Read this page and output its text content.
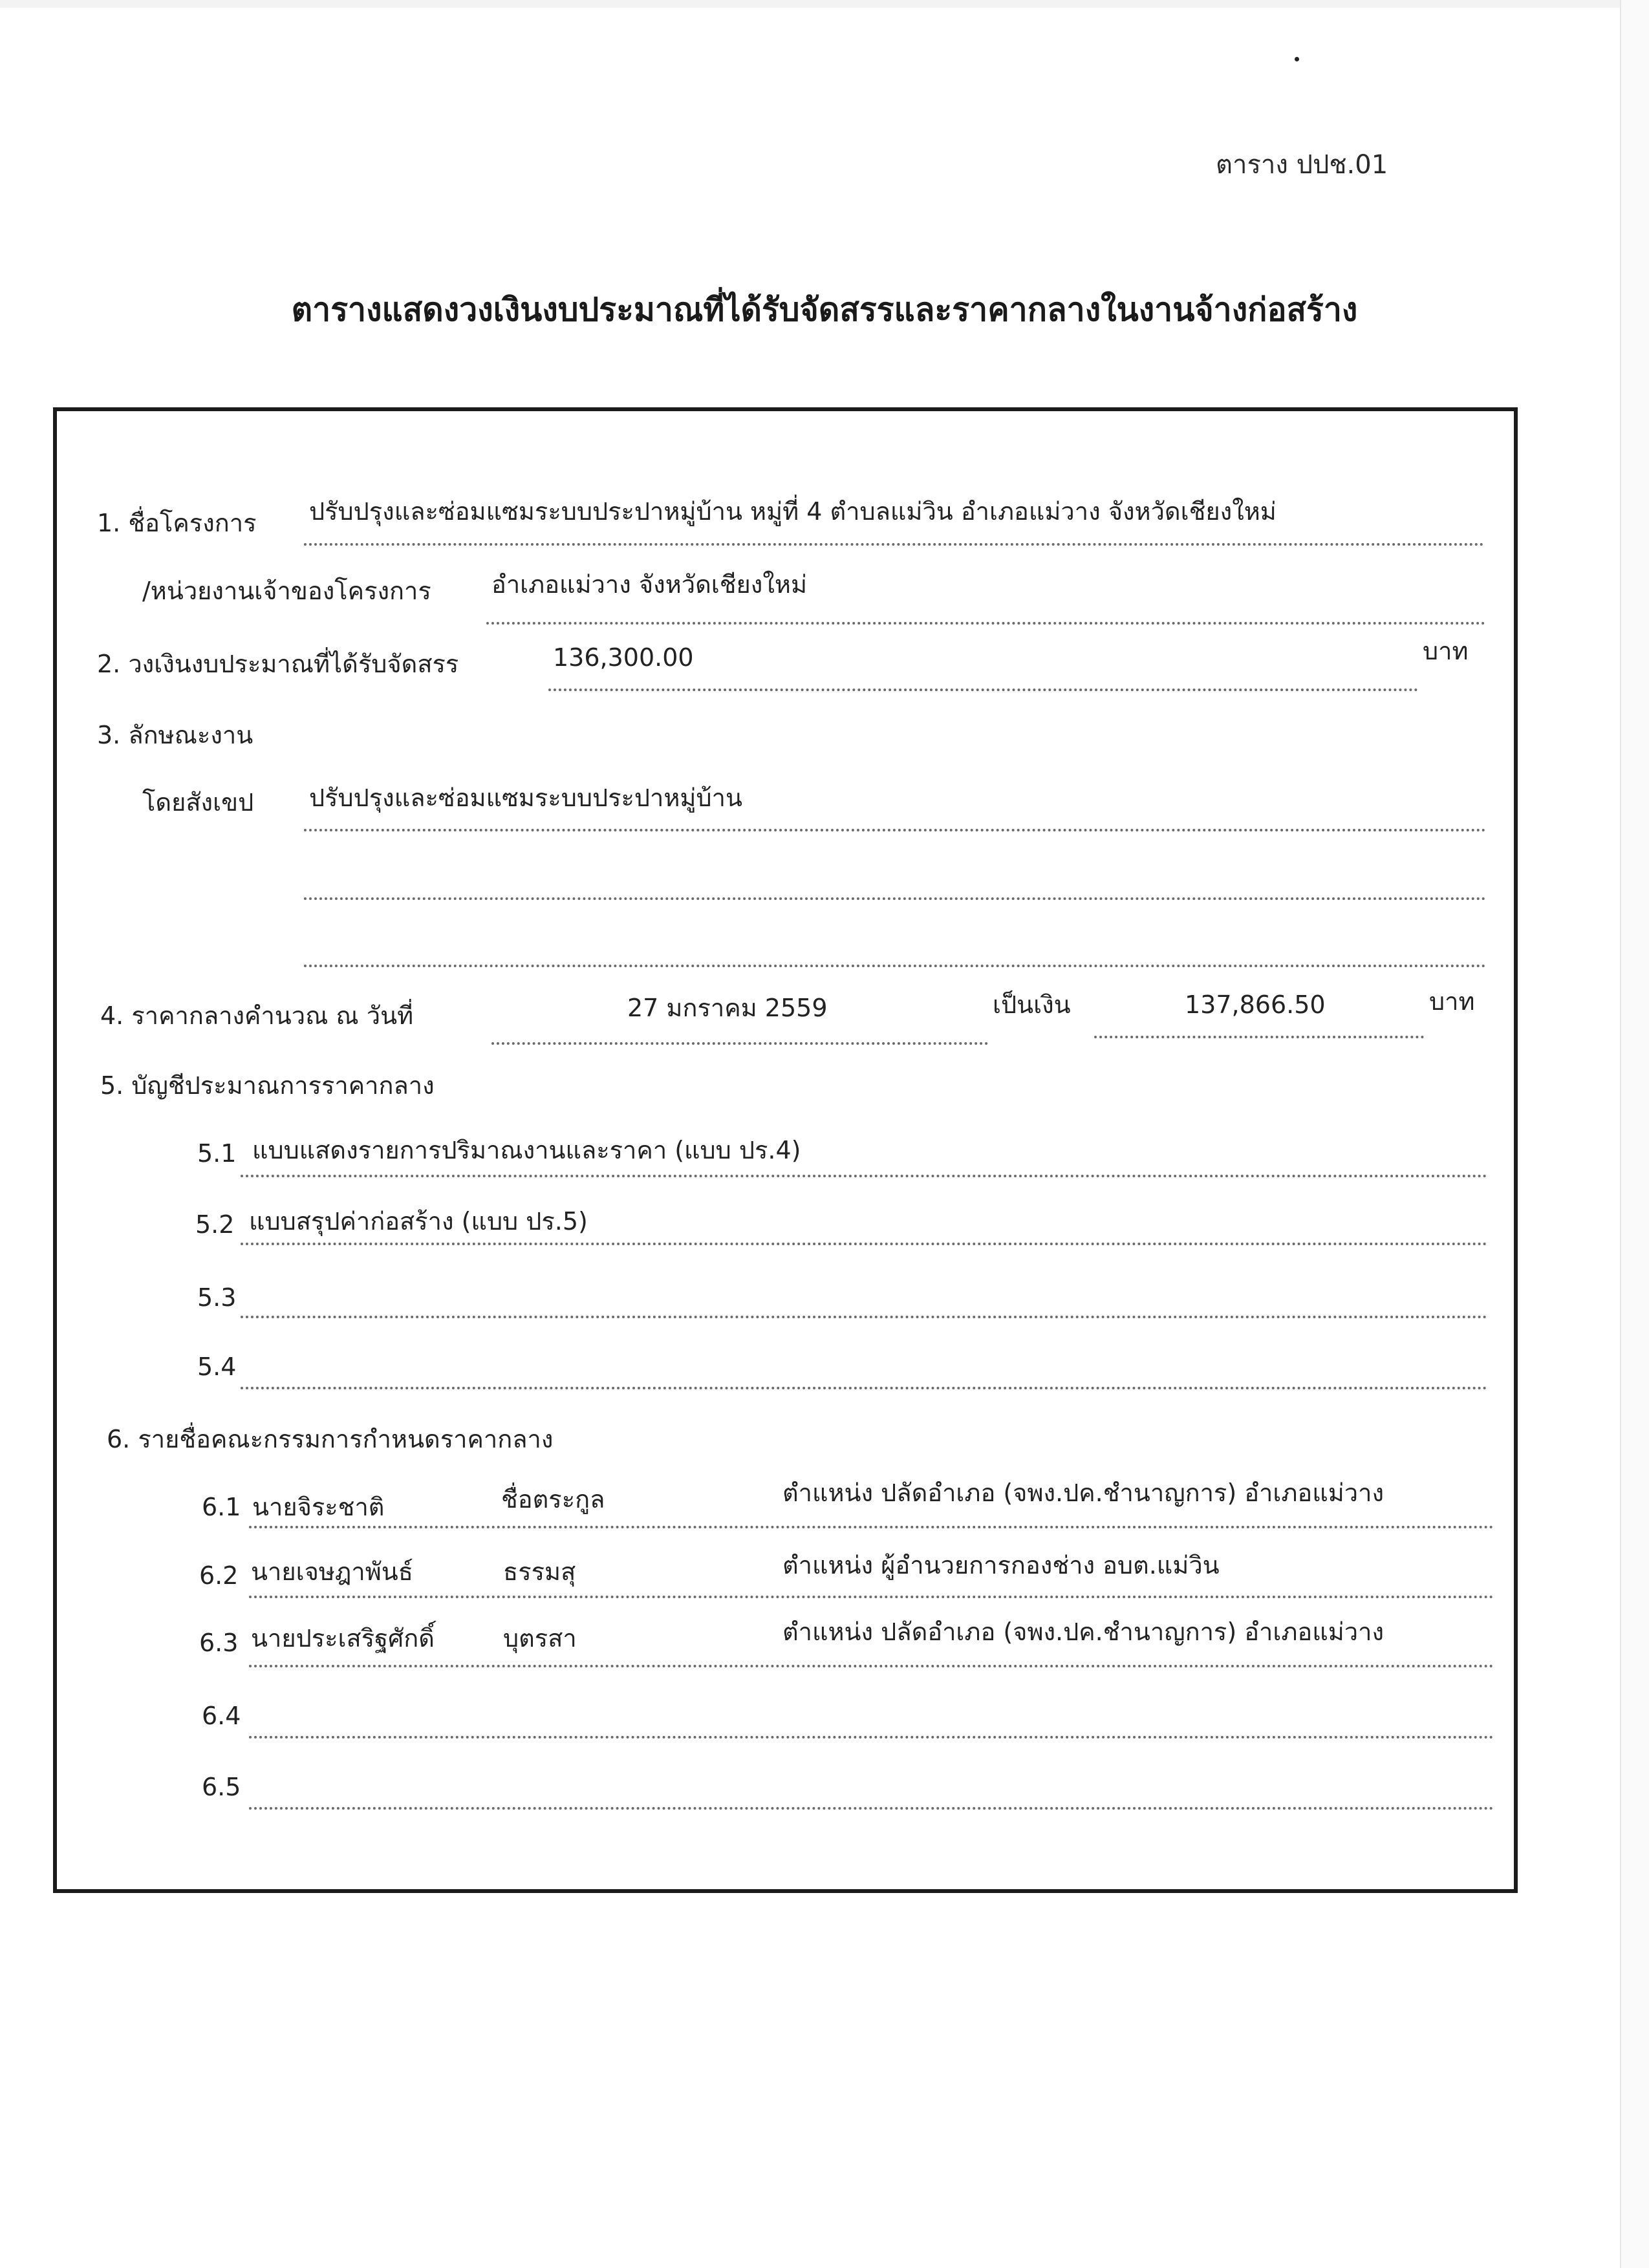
ตาราง ปปช.01
ตารางแสดงวงเงินงบประมาณที่ได้รับจัดสรรและราคากลางในงานจ้างก่อสร้าง
1. ชื่อโครงการ ปรับปรุงและซ่อมแซมระบบประปาหมู่บ้าน หมู่ที่ 4 ตำบลแม่วิน อำเภอแม่วาง จังหวัดเชียงใหม่
/หน่วยงานเจ้าของโครงการ อำเภอแม่วาง จังหวัดเชียงใหม่
2. วงเงินงบประมาณที่ได้รับจัดสรร	136,300.00	บาท
3. ลักษณะงาน
โดยสังเขป ปรับปรุงและซ่อมแซมระบบประปาหมู่บ้าน
4. ราคากลางคำนวณ ณ วันที่	27 มกราคม 2559	เป็นเงิน	137,866.50	บาท
5. บัญชีประมาณการราคากลาง
5.1 แบบแสดงรายการปริมาณงานและราคา (แบบ ปร.4)
5.2 แบบสรุปค่าก่อสร้าง (แบบ ปร.5)
5.3
5.4
6. รายชื่อคณะกรรมการกำหนดราคากลาง
6.1 นายจิระชาติ	ชื่อตระกูล	ตำแหน่ง ปลัดอำเภอ (จพง.ปค.ชำนาญการ) อำเภอแม่วาง
6.2 นายเจษฎาพันธ์	ธรรมสุ	ตำแหน่ง ผู้อำนวยการกองช่าง อบต.แม่วิน
6.3 นายประเสริฐศักดิ์	บุตรสา	ตำแหน่ง ปลัดอำเภอ (จพง.ปค.ชำนาญการ) อำเภอแม่วาง
6.4
6.5
